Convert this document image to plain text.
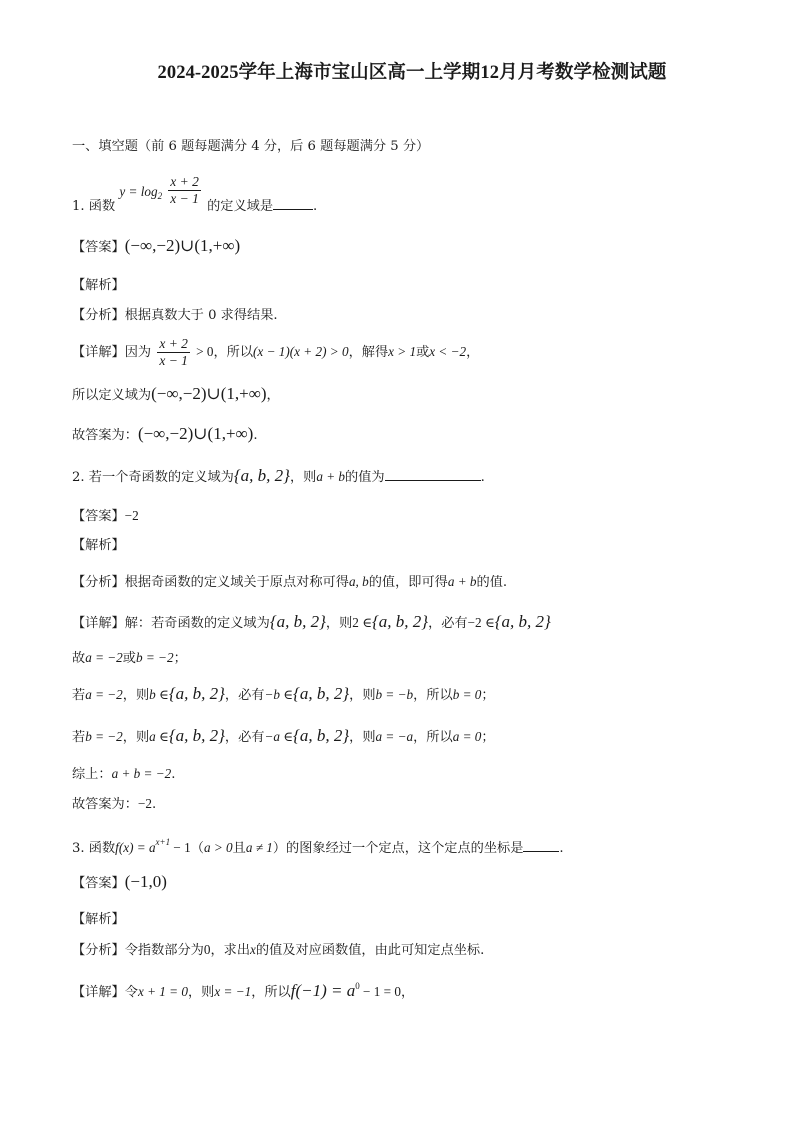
2024-2025学年上海市宝山区高一上学期12月月考数学检测试题
一、填空题（前 6 题每题满分 4 分，后 6 题每题满分 5 分）
1. 函数 $y = \log_2 \frac{x + 2}{x - 1}$ 的定义域是	.
【答案】(−∞,−2)∪(1,+∞)
【解析】
【分析】根据真数大于 0 求得结果.
【详解】因为 $\frac{x + 2}{x - 1} > 0$，所以(x − 1)(x + 2) > 0，解得x > 1或x < −2，
所以定义域为(−∞,−2)∪(1,+∞)，
故答案为：(−∞,−2)∪(1,+∞).
2. 若一个奇函数的定义域为{a, b, 2}，则a + b的值为	.
【答案】−2
【解析】
【分析】根据奇函数的定义域关于原点对称可得a, b的值，即可得a + b的值.
【详解】解：若奇函数的定义域为{a, b, 2}，则2 ∈{a, b, 2}，必有−2 ∈{a, b, 2}
故a = −2或b = −2；
若a = −2，则b ∈{a, b, 2}，必有−b ∈{a, b, 2}，则b = −b，所以b = 0；
若b = −2，则a ∈{a, b, 2}，必有−a ∈{a, b, 2}，则a = −a，所以a = 0；
综上：a + b = −2.
故答案为：−2.
3. 函数$f(x) = a^{x+1} - 1(a > 0$且a ≠ 1）的图象经过一个定点，这个定点的坐标是	.
【答案】(−1,0)
【解析】
【分析】令指数部分为0，求出x的值及对应函数值，由此可知定点坐标.
【详解】令x + 1 = 0，则x = −1，所以$f(-1) = a^0 - 1 = 0$，
